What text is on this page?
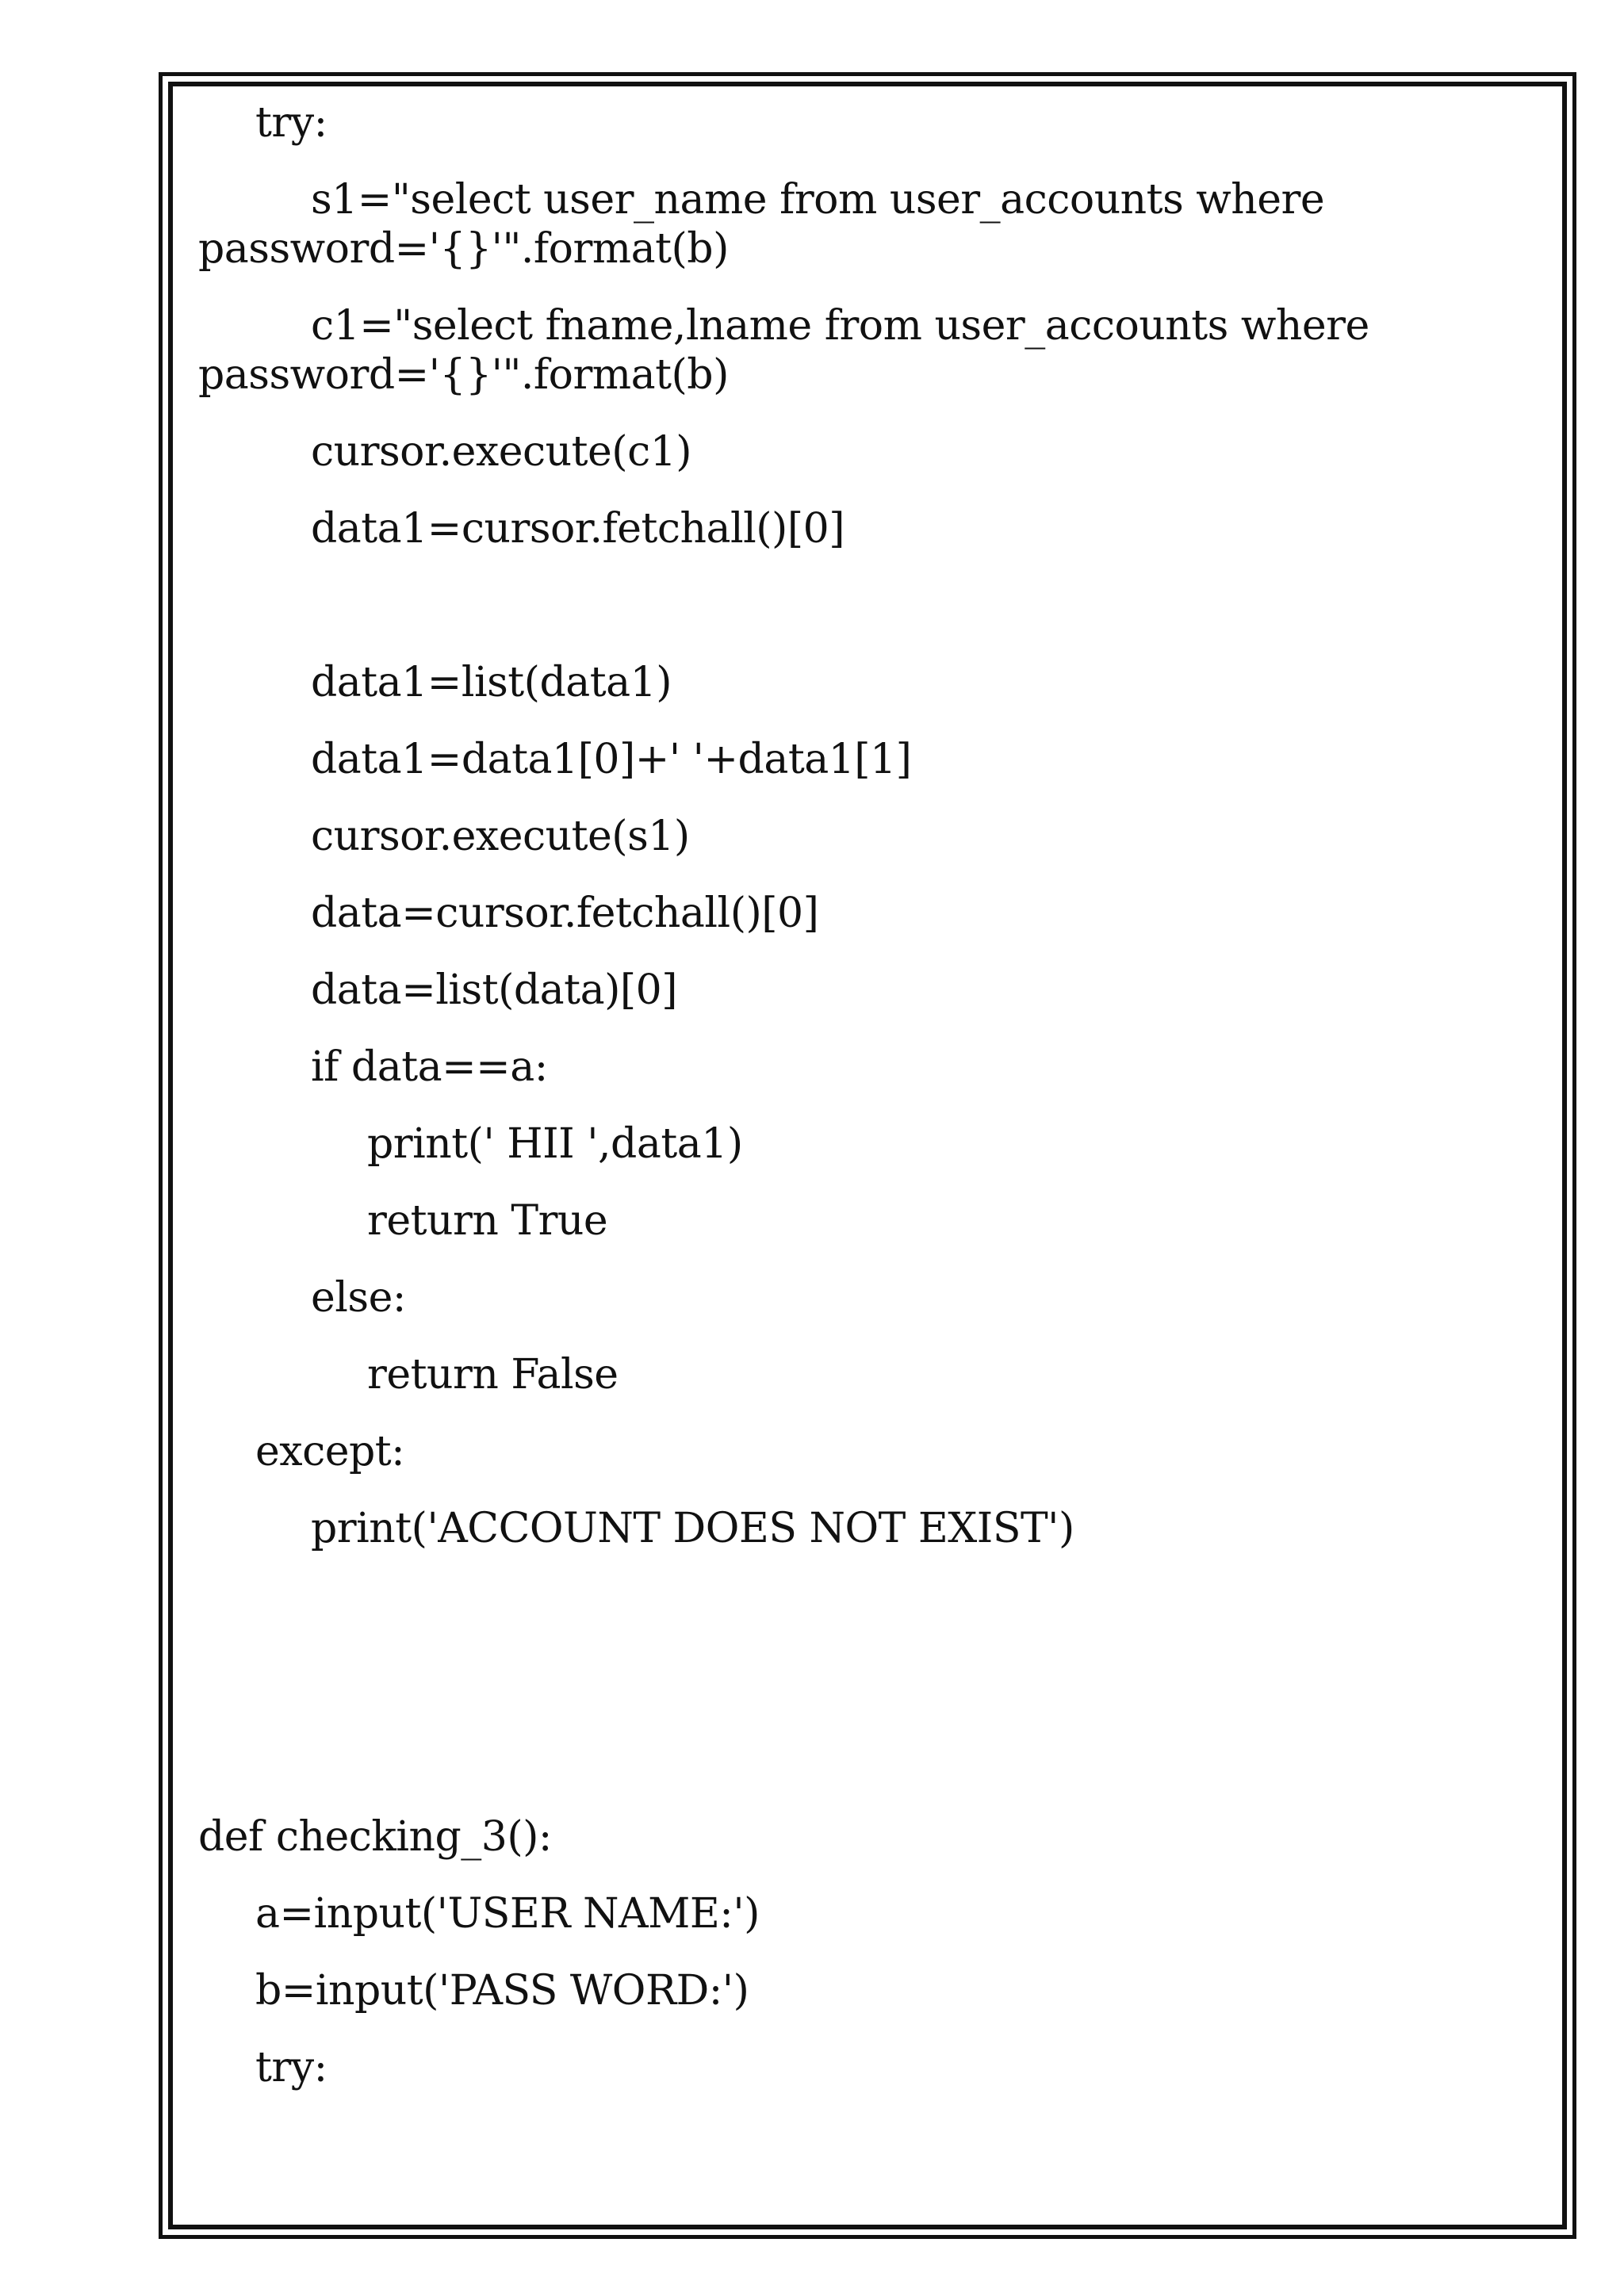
try:
s1="select user_name from user_accounts where
password='{}'".format(b)
c1="select fname,lname from user_accounts where
password='{}'".format(b)
cursor.execute(c1)
data1=cursor.fetchall()[0]
data1=list(data1)
data1=data1[0]+' '+data1[1]
cursor.execute(s1)
data=cursor.fetchall()[0]
data=list(data)[0]
if data==a:
print(' HII ',data1)
return True
else:
return False
except:
print('ACCOUNT DOES NOT EXIST')
def checking_3():
a=input('USER NAME:')
b=input('PASS WORD:')
try:
